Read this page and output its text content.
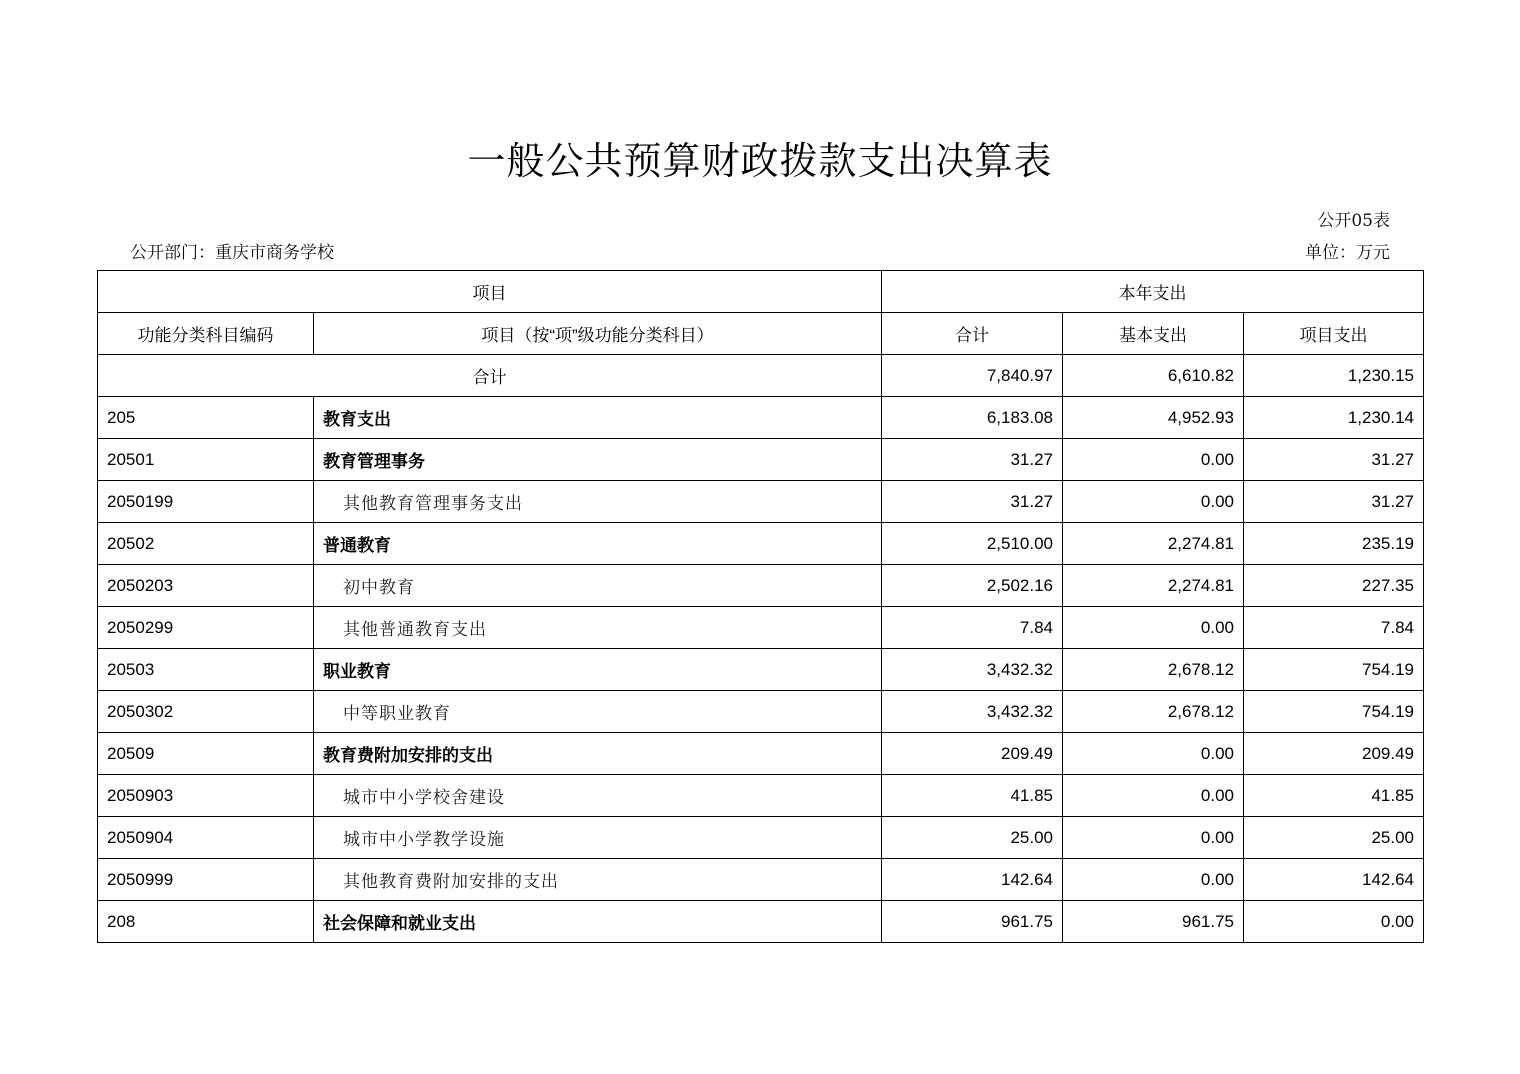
一般公共预算财政拨款支出决算表
公开05表
公开部门：重庆市商务学校	单位：万元
项目		本年支出		
功能分类科目编码	项目（按“项”级功能分类科目）	合计	基本支出	项目支出
合计		7,840.97	6,610.82	1,230.15
205	教育支出	6,183.08	4,952.93	1,230.14
20501	教育管理事务	31.27	0.00	31.27
2050199	其他教育管理事务支出	31.27	0.00	31.27
20502	普通教育	2,510.00	2,274.81	235.19
2050203	初中教育	2,502.16	2,274.81	227.35
2050299	其他普通教育支出	7.84	0.00	7.84
20503	职业教育	3,432.32	2,678.12	754.19
2050302	中等职业教育	3,432.32	2,678.12	754.19
20509	教育费附加安排的支出	209.49	0.00	209.49
2050903	城市中小学校舍建设	41.85	0.00	41.85
2050904	城市中小学教学设施	25.00	0.00	25.00
2050999	其他教育费附加安排的支出	142.64	0.00	142.64
208	社会保障和就业支出	961.75	961.75	0.00
